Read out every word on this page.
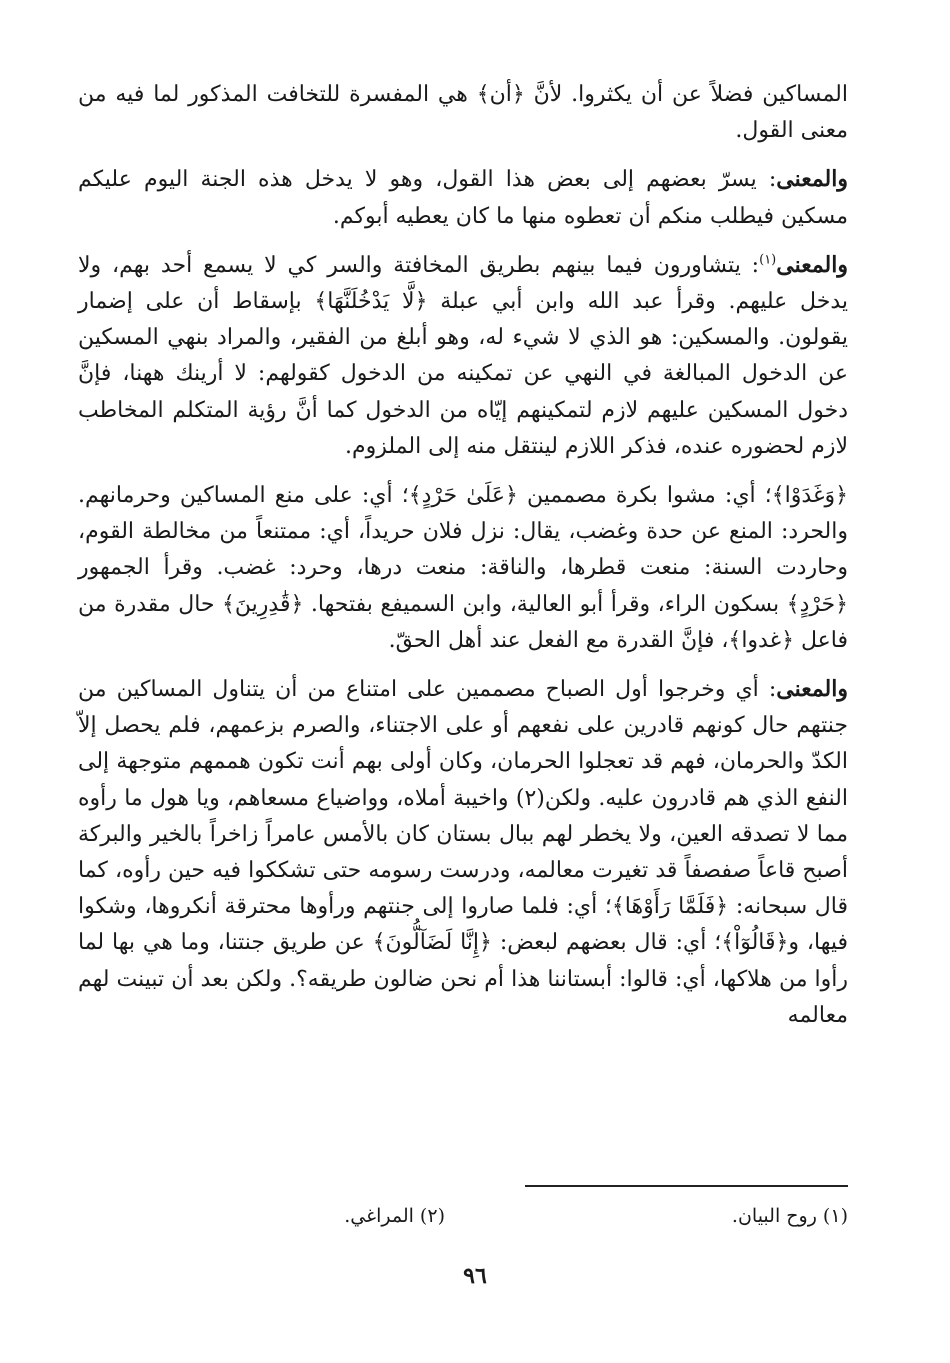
المساكين فضلاً عن أن يكثروا. لأنَّ ﴿أن﴾ هي المفسرة للتخافت المذكور لما فيه من معنى القول.

والمعنى: يسرّ بعضهم إلى بعض هذا القول، وهو لا يدخل هذه الجنة اليوم عليكم مسكين فيطلب منكم أن تعطوه منها ما كان يعطيه أبوكم.

والمعنى$^{(١)}$: يتشاورون فيما بينهم بطريق المخافتة والسر كي لا يسمع أحد بهم، ولا يدخل عليهم. وقرأ عبد الله وابن أبي عبلة ﴿لَّا يَدْخُلَنَّهَا﴾ بإسقاط أن على إضمار يقولون. والمسكين: هو الذي لا شيء له، وهو أبلغ من الفقير، والمراد بنهي المسكين عن الدخول المبالغة في النهي عن تمكينه من الدخول كقولهم: لا أرينك ههنا، فإنَّ دخول المسكين عليهم لازم لتمكينهم إيّاه من الدخول كما أنَّ رؤية المتكلم المخاطب لازم لحضوره عنده، فذكر اللازم لينتقل منه إلى الملزوم.

﴿وَغَدَوْا﴾؛ أي: مشوا بكرة مصممين ﴿عَلَىٰ حَرْدٍ﴾؛ أي: على منع المساكين وحرمانهم. والحرد: المنع عن حدة وغضب، يقال: نزل فلان حريداً، أي: ممتنعاً من مخالطة القوم، وحاردت السنة: منعت قطرها، والناقة: منعت درها، وحرد: غضب. وقرأ الجمهور ﴿حَرْدٍ﴾ بسكون الراء، وقرأ أبو العالية، وابن السميفع بفتحها. ﴿قَٰدِرِينَ﴾ حال مقدرة من فاعل ﴿غدوا﴾، فإنَّ القدرة مع الفعل عند أهل الحقّ.

والمعنى: أي وخرجوا أول الصباح مصممين على امتناع من أن يتناول المساكين من جنتهم حال كونهم قادرين على نفعهم أو على الاجتناء، والصرم بزعمهم، فلم يحصل إلاّ الكدّ والحرمان، فهم قد تعجلوا الحرمان، وكان أولى بهم أنت تكون هممهم متوجهة إلى النفع الذي هم قادرون عليه. ولكن(٢) واخيبة أملاه، وواضياع مسعاهم، ويا هول ما رأوه مما لا تصدقه العين، ولا يخطر لهم ببال بستان كان بالأمس عامراً زاخراً بالخير والبركة أصبح قاعاً صفصفاً قد تغيرت معالمه، ودرست رسومه حتى تشككوا فيه حين رأوه، كما قال سبحانه: ﴿فَلَمَّا رَأَوْهَا﴾؛ أي: فلما صاروا إلى جنتهم ورأوها محترقة أنكروها، وشكوا فيها، و﴿قَالُوٓاْ﴾؛ أي: قال بعضهم لبعض: ﴿إِنَّا لَضَآلُّونَ﴾ عن طريق جنتنا، وما هي بها لما رأوا من هلاكها، أي: قالوا: أبستاننا هذا أم نحن ضالون طريقه؟. ولكن بعد أن تبينت لهم معالمه

(١) روح البيان.
(٢) المراغي.
٩٦
